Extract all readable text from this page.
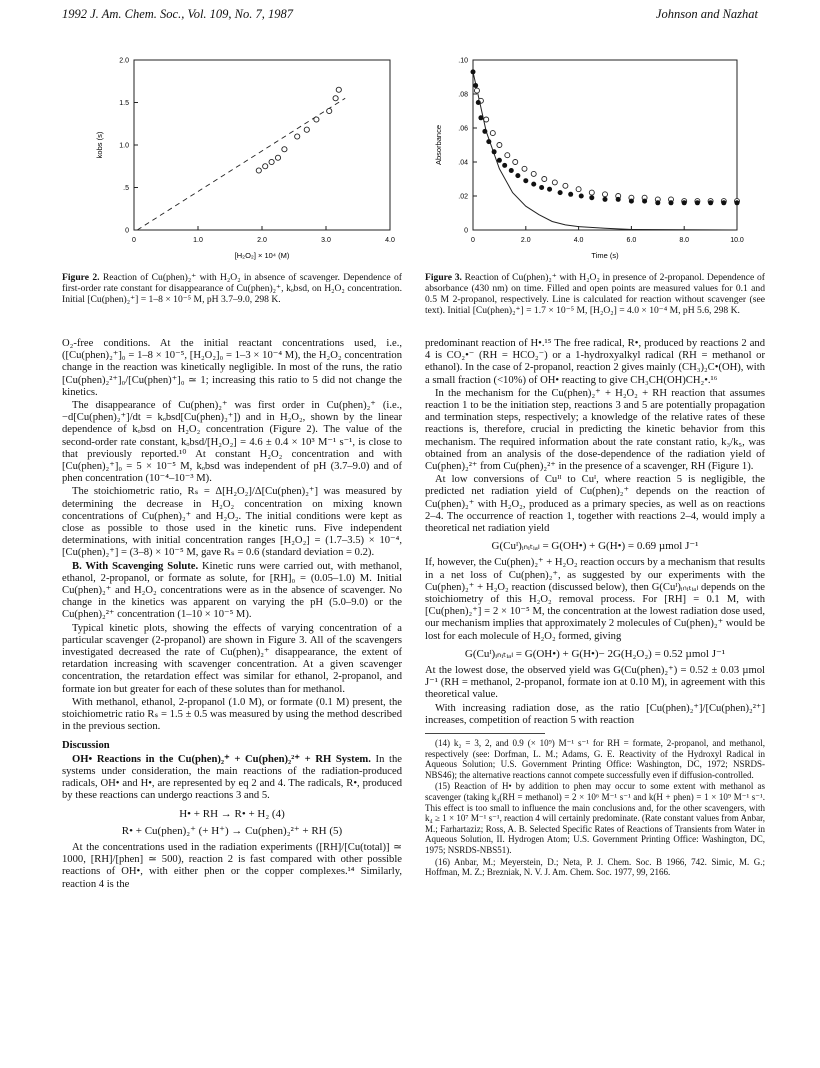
1992 J. Am. Chem. Soc., Vol. 109, No. 7, 1987	Johnson and Nazhat
0	1.0	2.0	3.0	4.0
0
.5
1.0
1.5
2.0
[H₂O₂] × 10⁴ (M)
kobs (s)
Figure 2. Reaction of Cu(phen)₂⁺ with H₂O₂ in absence of scavenger. Dependence of first-order rate constant for disappearance of Cu(phen)₂⁺, kₒbsd, on H₂O₂ concentration. Initial [Cu(phen)₂⁺] = 1–8 × 10⁻⁵ M, pH 3.7–9.0, 298 K.
0	2.0	4.0	6.0	8.0	10.0
0
.02
.04
.06
.08
.10
Time (s)
Absorbance
Figure 3. Reaction of Cu(phen)₂⁺ with H₂O₂ in presence of 2-propanol. Dependence of absorbance (430 nm) on time. Filled and open points are measured values for 0.1 and 0.5 M 2-propanol, respectively. Line is calculated for reaction without scavenger (see text). Initial [Cu(phen)₂⁺] = 1.7 × 10⁻⁵ M, [H₂O₂] = 4.0 × 10⁻⁴ M, pH 5.6, 298 K.

O₂-free conditions. At the initial reactant concentrations used, i.e., ([Cu(phen)₂⁺]₀ = 1–8 × 10⁻⁵, [H₂O₂]₀ = 1–3 × 10⁻⁴ M), the H₂O₂ concentration change in the reaction was kinetically negligible. In most of the runs, the ratio [Cu(phen)₂²⁺]₀/[Cu(phen)⁺]₀ ≃ 1; increasing this ratio to 5 did not change the kinetics.

The disappearance of Cu(phen)₂⁺ was first order in Cu(phen)₂⁺ (i.e., −d[Cu(phen)₂⁺]/dt = kₒbsd[Cu(phen)₂⁺]) and in H₂O₂, shown by the linear dependence of kₒbsd on H₂O₂ concentration (Figure 2). The value of the second-order rate constant, kₒbsd/[H₂O₂] = 4.6 ± 0.4 × 10³ M⁻¹ s⁻¹, is close to that previously reported.¹⁰ At constant H₂O₂ concentration and with [Cu(phen)₂⁺]₀ = 5 × 10⁻⁵ M, kₒbsd was independent of pH (3.7–9.0) and of phen concentration (10⁻⁴–10⁻³ M).

The stoichiometric ratio, Rₛ = Δ[H₂O₂]/Δ[Cu(phen)₂⁺] was measured by determining the decrease in H₂O₂ concentration on mixing known concentrations of Cu(phen)₂⁺ and H₂O₂. The initial conditions were kept as close as possible to those used in the kinetic runs. Five independent determinations, with initial concentration ranges [H₂O₂] = (1.7–3.5) × 10⁻⁴, [Cu(phen)₂⁺] = (3–8) × 10⁻⁵ M, gave Rₛ = 0.6 (standard deviation = 0.2).

B. With Scavenging Solute. Kinetic runs were carried out, with methanol, ethanol, 2-propanol, or formate as solute, for [RH]₀ = (0.05–1.0) M. Initial Cu(phen)₂⁺ and H₂O₂ concentrations were as in the absence of scavenger. No change in the kinetics was apparent on varying the pH (5.0–9.0) or the Cu(phen)₂²⁺ concentration (1–10 × 10⁻⁵ M).

Typical kinetic plots, showing the effects of varying concentration of a particular scavenger (2-propanol) are shown in Figure 3. All of the scavengers investigated decreased the rate of Cu(phen)₂⁺ disappearance, the extent of retardation increasing with scavenger concentration. At a given scavenger concentration, the retardation effect was similar for ethanol, 2-propanol, and formate ion but greater for each of these solutes than for methanol.

With methanol, ethanol, 2-propanol (1.0 M), or formate (0.1 M) present, the stoichiometric ratio Rₛ = 1.5 ± 0.5 was measured by using the method described in the previous section.

Discussion

OH• Reactions in the Cu(phen)₂⁺ + Cu(phen)₂²⁺ + RH System. In the systems under consideration, the main reactions of the radiation-produced radicals, OH• and H•, are represented by eq 2 and 4. The radicals, R•, produced by these reactions can undergo reactions 3 and 5.

H• + RH → R• + H₂ (4)
R• + Cu(phen)₂⁺ (+ H⁺) → Cu(phen)₂²⁺ + RH (5)

At the concentrations used in the radiation experiments ([RH]/[Cu(total)] ≃ 1000, [RH]/[phen] ≃ 500), reaction 2 is fast compared with other possible reactions of OH•, with either phen or the copper complexes.¹⁴ Similarly, reaction 4 is the

predominant reaction of H•.¹⁵ The free radical, R•, produced by reactions 2 and 4 is CO₂•⁻ (RH = HCO₂⁻) or a 1-hydroxyalkyl radical (RH = methanol or ethanol). In the case of 2-propanol, reaction 2 gives mainly (CH₃)₂C•(OH), with a small fraction (<10%) of OH• reacting to give CH₃CH(OH)CH₂•.¹⁶

In the mechanism for the Cu(phen)₂⁺ + H₂O₂ + RH reaction that assumes reaction 1 to be the initiation step, reactions 3 and 5 are potentially propagation and termination steps, respectively; a knowledge of the relative rates of these reactions is, therefore, crucial in predicting the kinetic behavior from this mechanism. The required information about the rate constant ratio, k₃/k₅, was obtained from an analysis of the dose-dependence of the radiation yield of Cu(phen)₂²⁺ from Cu(phen)₂²⁺ in the presence of a scavenger, RH (Figure 1).

At low conversions of Cuᴵᴵ to Cuᴵ, where reaction 5 is negligible, the predicted net radiation yield of Cu(phen)₂⁺ depends on the reaction of Cu(phen)₂⁺ with H₂O₂, produced as a primary species, as well as on reactions 2–4. The occurrence of reaction 1, together with reactions 2–4, would imply a theoretical net radiation yield

G(Cuᴵ)ᵢₙᵢₜᵢₐₗ = G(OH•) + G(H•) = 0.69 µmol J⁻¹

If, however, the Cu(phen)₂⁺ + H₂O₂ reaction occurs by a mechanism that results in a net loss of Cu(phen)₂⁺, as suggested by our experiments with the Cu(phen)₂⁺ + H₂O₂ reaction (discussed below), then G(Cuᴵ)ᵢₙᵢₜᵢₐₗ depends on the stoichiometry of this H₂O₂ removal process. For [RH] = 0.1 M, with [Cu(phen)₂⁺] = 2 × 10⁻⁵ M, the concentration at the lowest radiation dose used, our mechanism implies that approximately 2 molecules of Cu(phen)₂⁺ would be lost for each molecule of H₂O₂ formed, giving

G(Cuᴵ)ᵢₙᵢₜᵢₐₗ = G(OH•) + G(H•)− 2G(H₂O₂) = 0.52 µmol J⁻¹

At the lowest dose, the observed yield was G(Cu(phen)₂⁺) = 0.52 ± 0.03 µmol J⁻¹ (RH = methanol, 2-propanol, formate ion at 0.10 M), in agreement with this theoretical value.

With increasing radiation dose, as the ratio [Cu(phen)₂⁺]/[Cu(phen)₂²⁺] increases, competition of reaction 5 with reaction

(14) k₂ = 3, 2, and 0.9 (× 10⁹) M⁻¹ s⁻¹ for RH = formate, 2-propanol, and methanol, respectively (see: Dorfman, L. M.; Adams, G. E. Reactivity of the Hydroxyl Radical in Aqueous Solution; U.S. Government Printing Office: Washington, DC, 1972; NSRDS-NBS46); the alternative reactions cannot compete successfully even if diffusion-controlled.

(15) Reaction of H• by addition to phen may occur to some extent with methanol as scavenger (taking k₄(RH = methanol) = 2 × 10⁶ M⁻¹ s⁻¹ and k(H + phen) = 1 × 10⁹ M⁻¹ s⁻¹. This effect is too small to influence the main conclusions and, for the other scavengers, with k₄ ≥ 1 × 10⁷ M⁻¹ s⁻¹, reaction 4 will certainly predominate. (Rate constant values from Anbar, M.; Farhartaziz; Ross, A. B. Selected Specific Rates of Reactions of Transients from Water in Aqueous Solution, II. Hydrogen Atom; U.S. Government Printing Office: Washington, DC, 1975; NSRDS-NBS51).

(16) Anbar, M.; Meyerstein, D.; Neta, P. J. Chem. Soc. B 1966, 742. Simic, M. G.; Hoffman, M. Z.; Brezniak, N. V. J. Am. Chem. Soc. 1977, 99, 2166.
